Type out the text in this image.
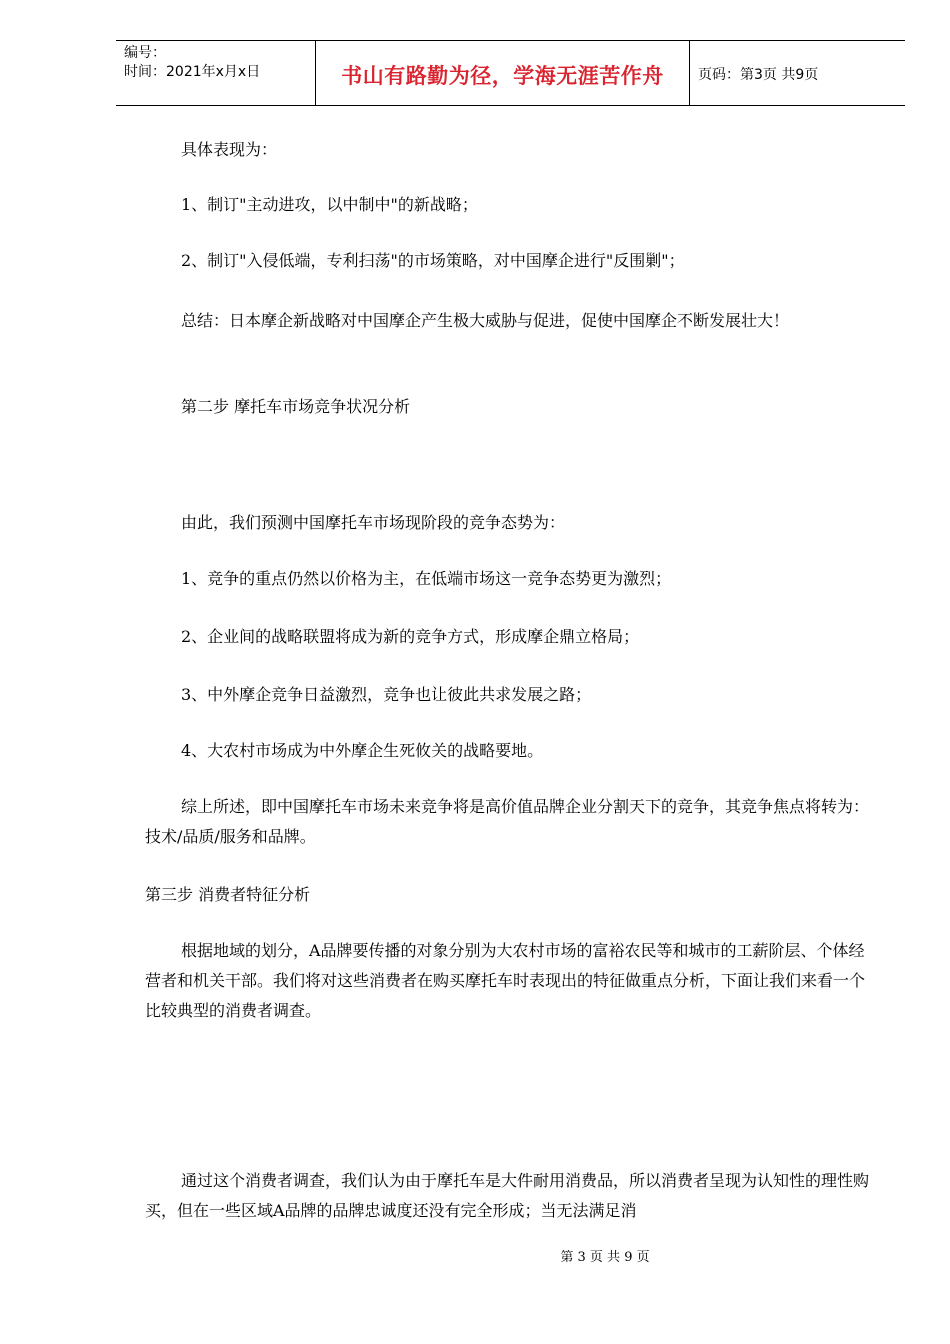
编号：
时间：2021年x月x日	书山有路勤为径，学海无涯苦作舟 页码：第3页 共9页

具体表现为：

1、制订"主动进攻，以中制中"的新战略；

2、制订"入侵低端，专利扫荡"的市场策略，对中国摩企进行"反围剿"；

总结：日本摩企新战略对中国摩企产生极大威胁与促进，促使中国摩企不断发展壮大！

第二步 摩托车市场竞争状况分析

由此，我们预测中国摩托车市场现阶段的竞争态势为：

1、竞争的重点仍然以价格为主，在低端市场这一竞争态势更为激烈；

2、企业间的战略联盟将成为新的竞争方式，形成摩企鼎立格局；

3、中外摩企竞争日益激烈，竞争也让彼此共求发展之路；

4、大农村市场成为中外摩企生死攸关的战略要地。

综上所述，即中国摩托车市场未来竞争将是高价值品牌企业分割天下的竞争，其竞争焦点将转为：技术/品质/服务和品牌。

第三步 消费者特征分析

根据地域的划分，A品牌要传播的对象分别为大农村市场的富裕农民等和城市的工薪阶层、个体经营者和机关干部。我们将对这些消费者在购买摩托车时表现出的特征做重点分析，下面让我们来看一个比较典型的消费者调查。

通过这个消费者调查，我们认为由于摩托车是大件耐用消费品，所以消费者呈现为认知性的理性购买，但在一些区域A品牌的品牌忠诚度还没有完全形成；当无法满足消

第 3 页 共 9 页
